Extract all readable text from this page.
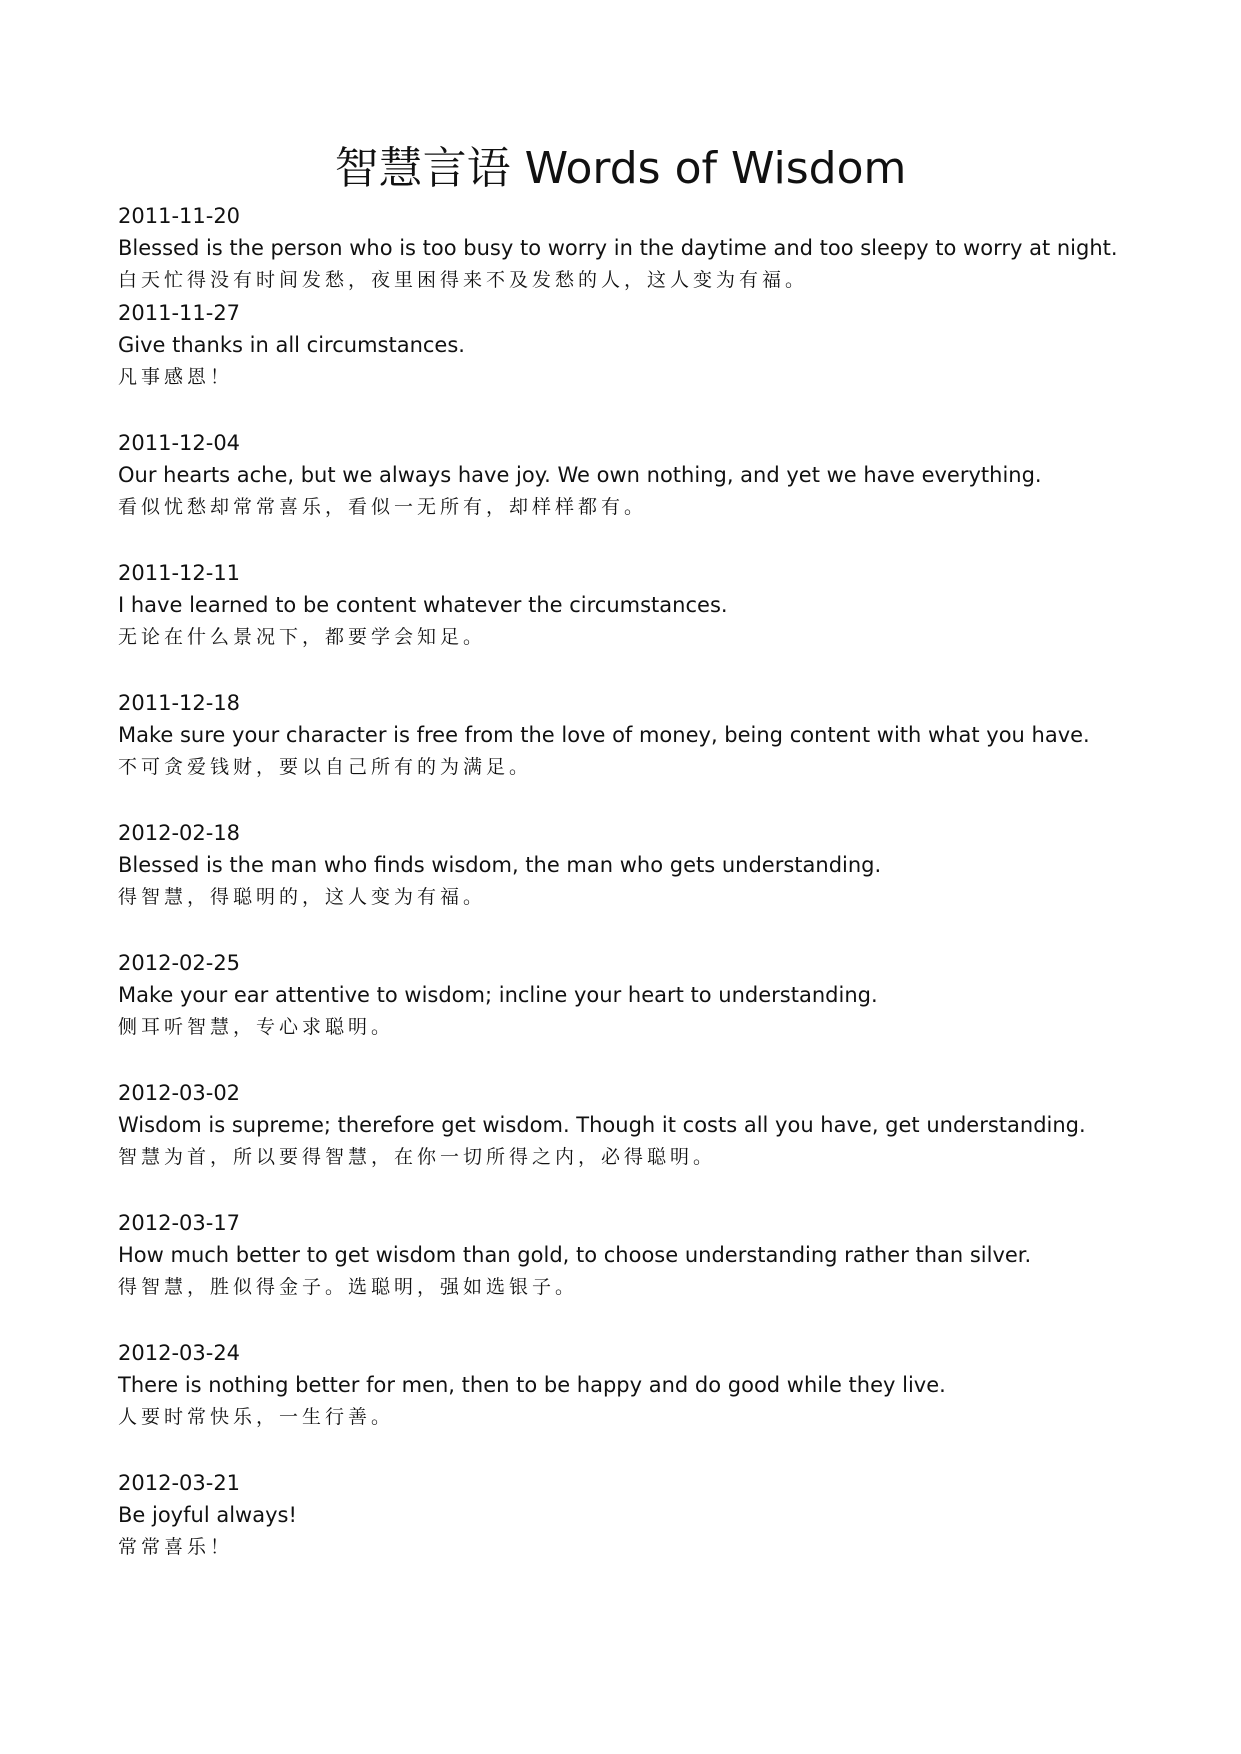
智慧言语 Words of Wisdom
2011-11-20
Blessed is the person who is too busy to worry in the daytime and too sleepy to worry at night.
白天忙得没有时间发愁，夜里困得来不及发愁的人，这人变为有福。
2011-11-27
Give thanks in all circumstances.
凡事感恩！
2011-12-04
Our hearts ache, but we always have joy. We own nothing, and yet we have everything.
看似忧愁却常常喜乐，看似一无所有，却样样都有。
2011-12-11
I have learned to be content whatever the circumstances.
无论在什么景况下，都要学会知足。
2011-12-18
Make sure your character is free from the love of money, being content with what you have.
不可贪爱钱财，要以自己所有的为满足。
2012-02-18
Blessed is the man who finds wisdom, the man who gets understanding.
得智慧，得聪明的，这人变为有福。
2012-02-25
Make your ear attentive to wisdom; incline your heart to understanding.
侧耳听智慧，专心求聪明。
2012-03-02
Wisdom is supreme; therefore get wisdom. Though it costs all you have, get understanding.
智慧为首，所以要得智慧，在你一切所得之内，必得聪明。
2012-03-17
How much better to get wisdom than gold, to choose understanding rather than silver.
得智慧，胜似得金子。选聪明，强如选银子。
2012-03-24
There is nothing better for men, then to be happy and do good while they live.
人要时常快乐，一生行善。
2012-03-21
Be joyful always!
常常喜乐！
